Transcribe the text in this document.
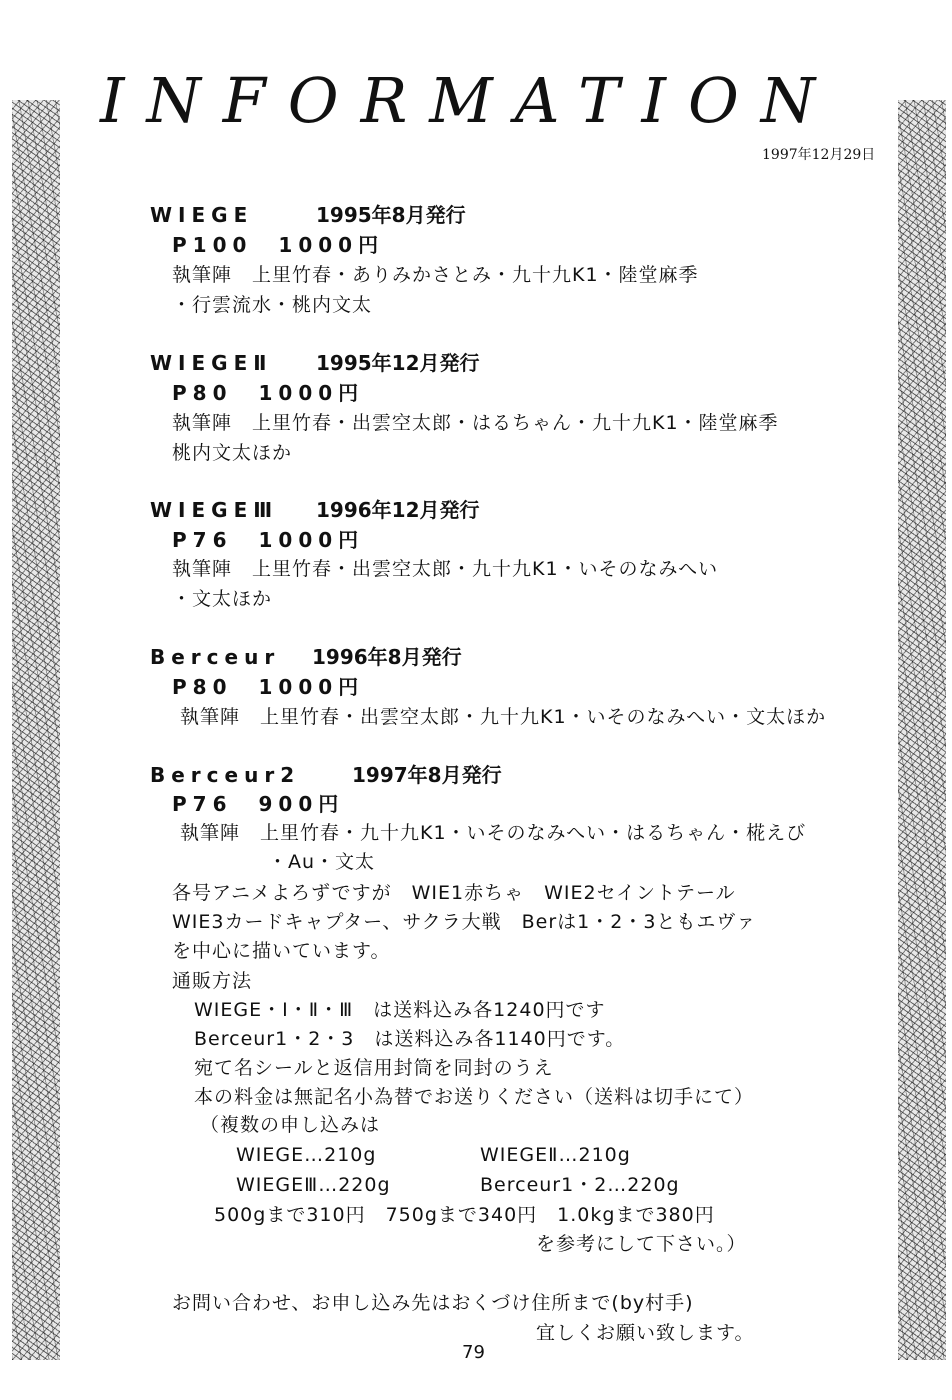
INFORMATION
1997年12月29日
WIEGE	1995年8月発行
P100　1000円
執筆陣　上里竹春・ありみかさとみ・九十九K1・陸堂麻季
・行雲流水・桃内文太
WIEGEⅡ 1995年12月発行
P80　1000円
執筆陣　上里竹春・出雲空太郎・はるちゃん・九十九K1・陸堂麻季
桃内文太ほか
WIEGEⅢ 1996年12月発行
P76　1000円
執筆陣　上里竹春・出雲空太郎・九十九K1・いそのなみへい
・文太ほか
Berceur 1996年8月発行
P80　1000円
執筆陣　上里竹春・出雲空太郎・九十九K1・いそのなみへい・文太ほか
Berceur2	1997年8月発行
P76　900円
執筆陣　上里竹春・九十九K1・いそのなみへい・はるちゃん・椛えび
・Au・文太
各号アニメよろずですが　WIE1赤ちゃ　WIE2セイントテール
WIE3カードキャプター、サクラ大戦　Berは1・2・3ともエヴァ
を中心に描いています。
通販方法
WIEGE・Ⅰ・Ⅱ・Ⅲ　は送料込み各1240円です
Berceur1・2・3　は送料込み各1140円です。
宛て名シールと返信用封筒を同封のうえ
本の料金は無記名小為替でお送りください（送料は切手にて）
（複数の申し込みは
WIEGE…210g	WIEGEⅡ…210g
WIEGEⅢ…220g	Berceur1・2…220g
500gまで310円　750gまで340円　1.0kgまで380円
を参考にして下さい。）
お問い合わせ、お申し込み先はおくづけ住所まで(by村手)
宜しくお願い致します。
79
